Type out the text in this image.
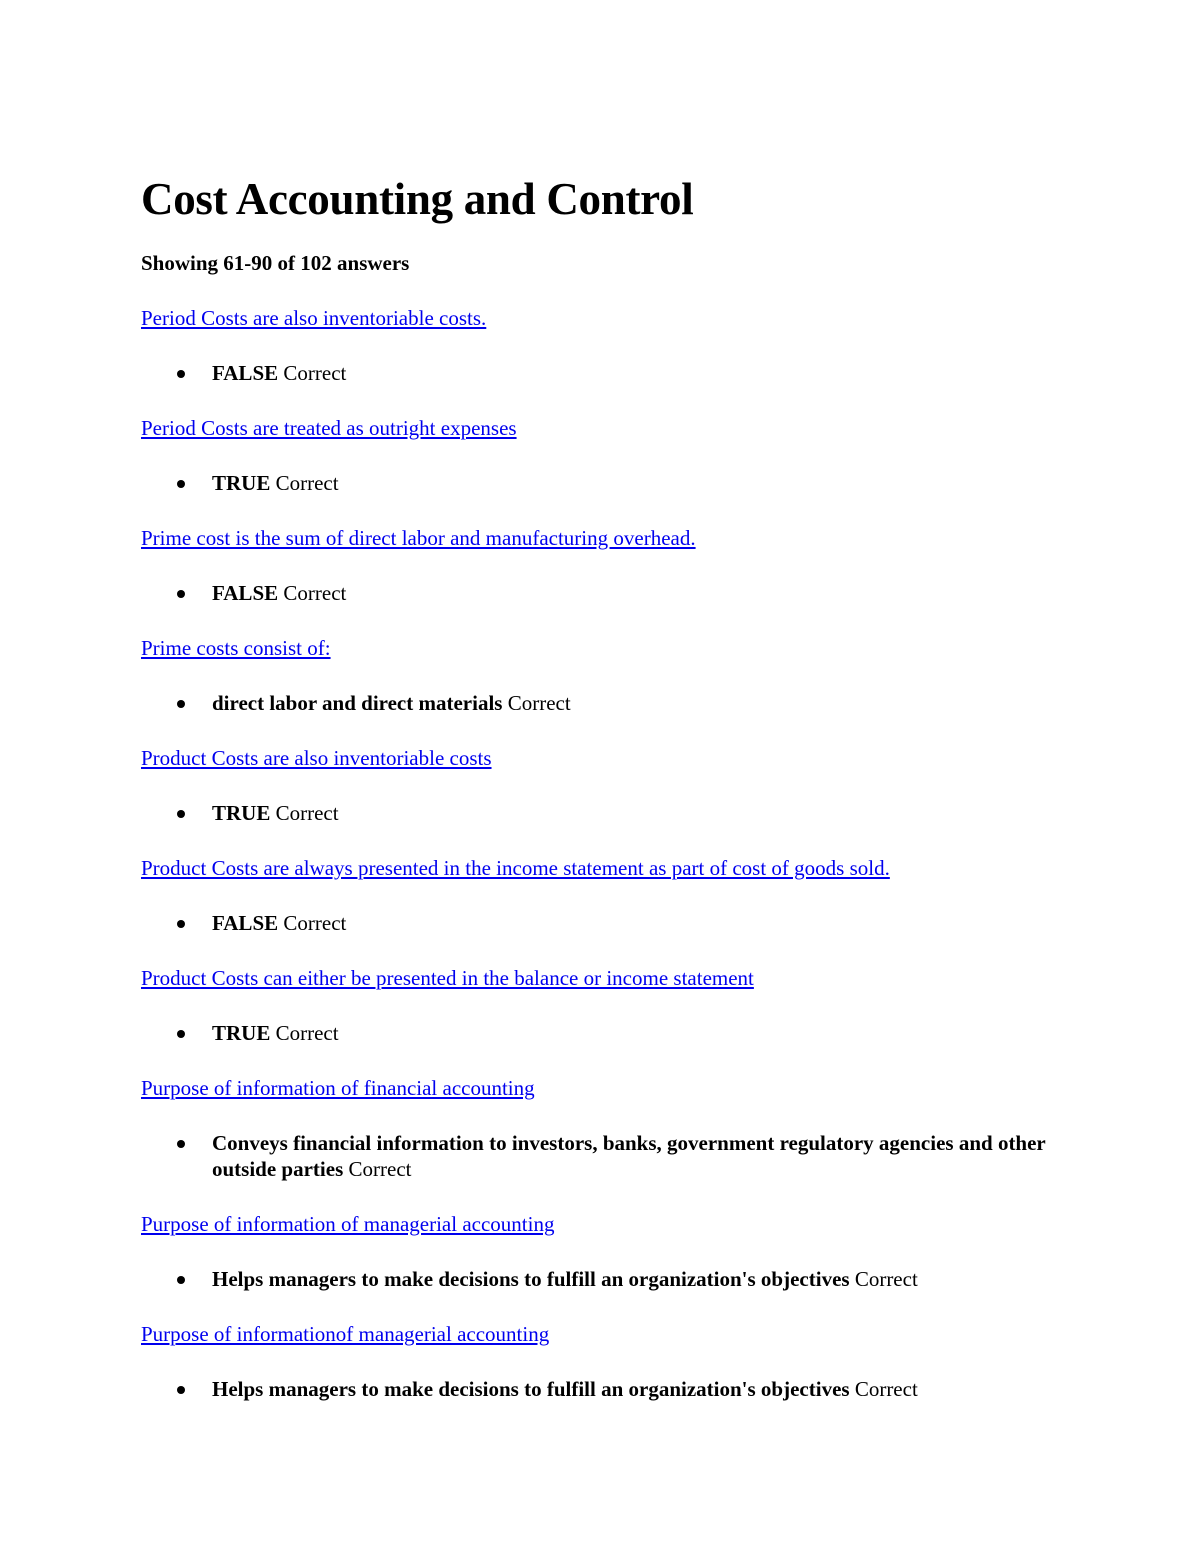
Cost Accounting and Control
Showing 61-90 of 102 answers
Period Costs are also inventoriable costs.
FALSE Correct
Period Costs are treated as outright expenses
TRUE Correct
Prime cost is the sum of direct labor and manufacturing overhead.
FALSE Correct
Prime costs consist of:
direct labor and direct materials Correct
Product Costs are also inventoriable costs
TRUE Correct
Product Costs are always presented in the income statement as part of cost of goods sold.
FALSE Correct
Product Costs can either be presented in the balance or income statement
TRUE Correct
Purpose of information of financial accounting
Conveys financial information to investors, banks, government regulatory agencies and other outside parties Correct
Purpose of information of managerial accounting
Helps managers to make decisions to fulfill an organization's objectives Correct
Purpose of informationof managerial accounting
Helps managers to make decisions to fulfill an organization's objectives Correct
